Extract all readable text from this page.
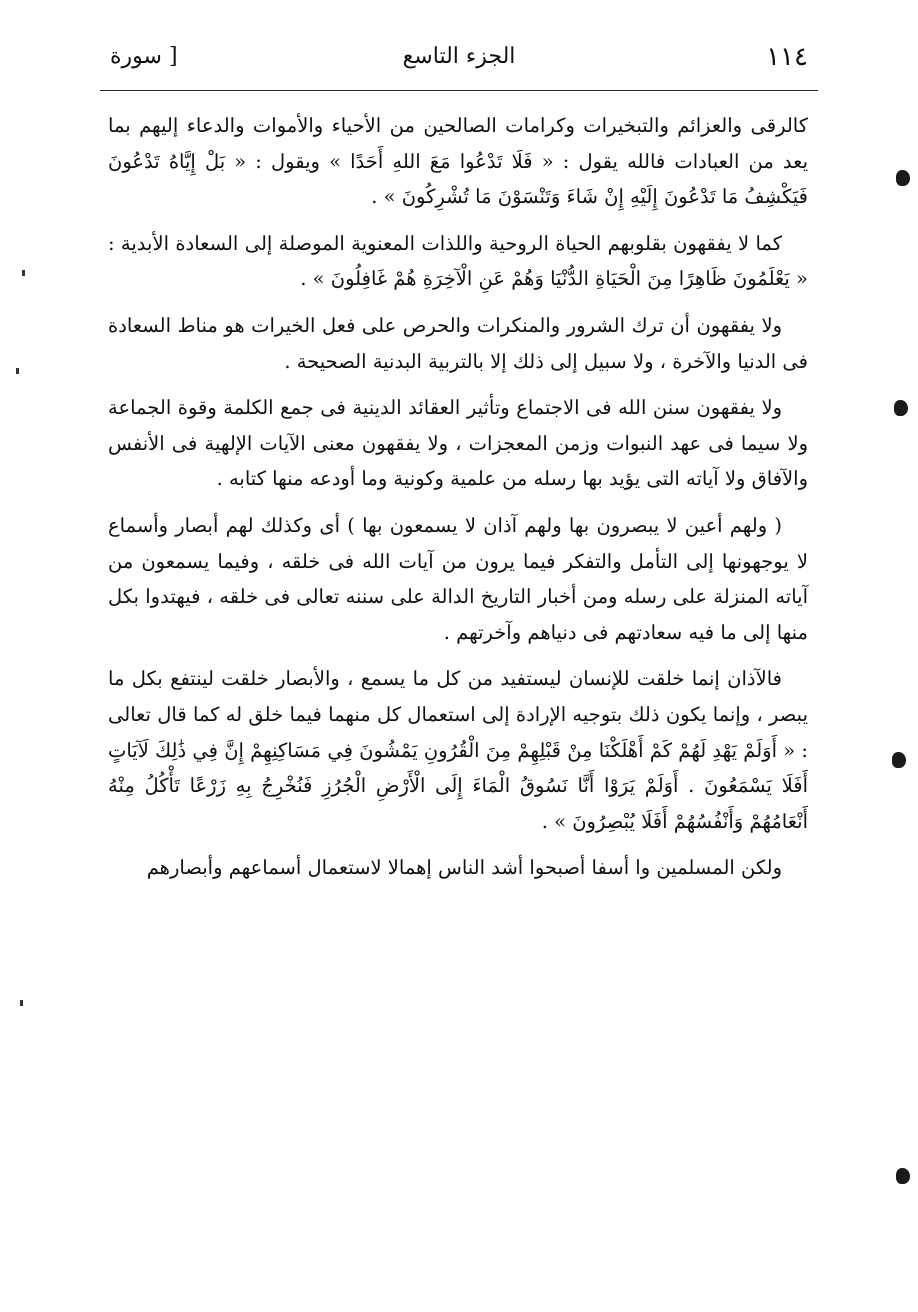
١١٤
الجزء التاسع
[ سورة

كالرقى والعزائم والتبخيرات وكرامات الصالحين من الأحياء والأموات والدعاء إليهم بما يعد من العبادات فالله يقول : « فَلَا تَدْعُوا مَعَ اللهِ أَحَدًا » ويقول : « بَلْ إِيَّاهُ تَدْعُونَ فَيَكْشِفُ مَا تَدْعُونَ إِلَيْهِ إِنْ شَاءَ وَتَنْسَوْنَ مَا تُشْرِكُونَ » .

كما لا يفقهون بقلوبهم الحياة الروحية واللذات المعنوية الموصلة إلى السعادة الأبدية : « يَعْلَمُونَ ظَاهِرًا مِنَ الْحَيَاةِ الدُّنْيَا وَهُمْ عَنِ الْآخِرَةِ هُمْ غَافِلُونَ » .

ولا يفقهون أن ترك الشرور والمنكرات والحرص على فعل الخيرات هو مناط السعادة فى الدنيا والآخرة ، ولا سبيل إلى ذلك إلا بالتربية البدنية الصحيحة .

ولا يفقهون سنن الله فى الاجتماع وتأثير العقائد الدينية فى جمع الكلمة وقوة الجماعة ولا سيما فى عهد النبوات وزمن المعجزات ، ولا يفقهون معنى الآيات الإلهية فى الأنفس والآفاق ولا آياته التى يؤيد بها رسله من علمية وكونية وما أودعه منها كتابه .

( ولهم أعين لا يبصرون بها ولهم آذان لا يسمعون بها ) أى وكذلك لهم أبصار وأسماع لا يوجهونها إلى التأمل والتفكر فيما يرون من آيات الله فى خلقه ، وفيما يسمعون من آياته المنزلة على رسله ومن أخبار التاريخ الدالة على سننه تعالى فى خلقه ، فيهتدوا بكل منها إلى ما فيه سعادتهم فى دنياهم وآخرتهم .

فالآذان إنما خلقت للإنسان ليستفيد من كل ما يسمع ، والأبصار خلقت لينتفع بكل ما يبصر ، وإنما يكون ذلك بتوجيه الإرادة إلى استعمال كل منهما فيما خلق له كما قال تعالى : « أَوَلَمْ يَهْدِ لَهُمْ كَمْ أَهْلَكْنَا مِنْ قَبْلِهِمْ مِنَ الْقُرُونِ يَمْشُونَ فِي مَسَاكِنِهِمْ إِنَّ فِي ذَٰلِكَ لَآيَاتٍ أَفَلَا يَسْمَعُونَ . أَوَلَمْ يَرَوْا أَنَّا نَسُوقُ الْمَاءَ إِلَى الْأَرْضِ الْجُرُزِ فَنُخْرِجُ بِهِ زَرْعًا تَأْكُلُ مِنْهُ أَنْعَامُهُمْ وَأَنْفُسُهُمْ أَفَلَا يُبْصِرُونَ » .

ولكن المسلمين وا أسفا أصبحوا أشد الناس إهمالا لاستعمال أسماعهم وأبصارهم
